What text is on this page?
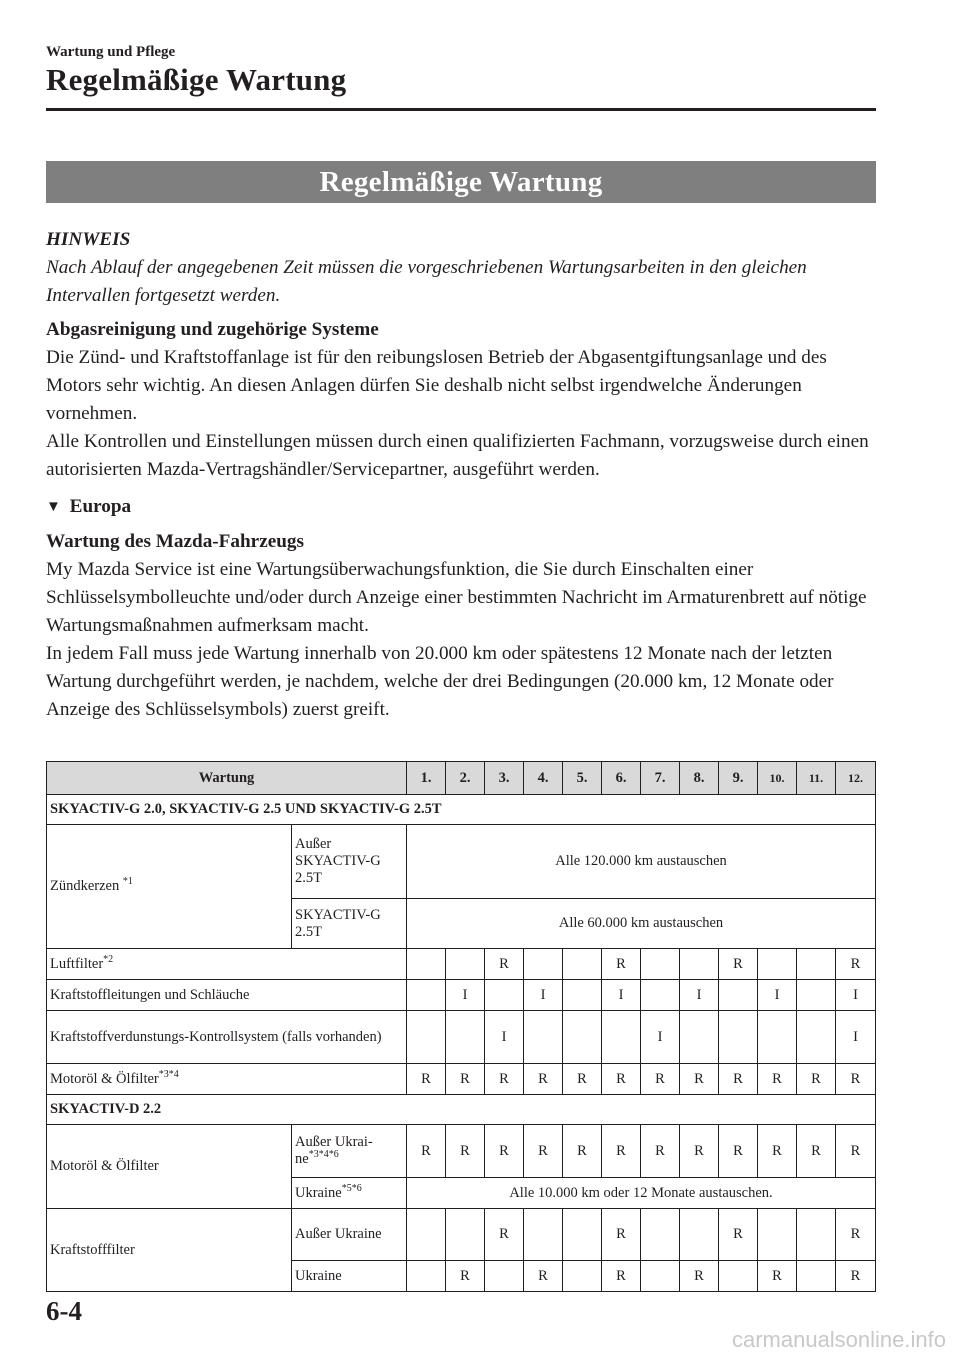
Wartung und Pflege
Regelmäßige Wartung
Regelmäßige Wartung
HINWEIS
Nach Ablauf der angegebenen Zeit müssen die vorgeschriebenen Wartungsarbeiten in den gleichen Intervallen fortgesetzt werden.
Abgasreinigung und zugehörige Systeme
Die Zünd- und Kraftstoffanlage ist für den reibungslosen Betrieb der Abgasentgiftungsanlage und des Motors sehr wichtig. An diesen Anlagen dürfen Sie deshalb nicht selbst irgendwelche Änderungen vornehmen.
Alle Kontrollen und Einstellungen müssen durch einen qualifizierten Fachmann, vorzugsweise durch einen autorisierten Mazda-Vertragshändler/Servicepartner, ausgeführt werden.
▼ Europa
Wartung des Mazda-Fahrzeugs
My Mazda Service ist eine Wartungsüberwachungsfunktion, die Sie durch Einschalten einer Schlüsselsymbolleuchte und/oder durch Anzeige einer bestimmten Nachricht im Armaturenbrett auf nötige Wartungsmaßnahmen aufmerksam macht.
In jedem Fall muss jede Wartung innerhalb von 20.000 km oder spätestens 12 Monate nach der letzten Wartung durchgeführt werden, je nachdem, welche der drei Bedingungen (20.000 km, 12 Monate oder Anzeige des Schlüsselsymbols) zuerst greift.
Wartung		1.	2.	3.	4.	5.	6.	7.	8.	9.	10.	11.	12.
SKYACTIV-G 2.0, SKYACTIV-G 2.5 UND SKYACTIV-G 2.5T													
Zündkerzen $^{*1}$	Außer SKYACTIV-G 2.5T	Alle 120.000 km austauschen											
	SKYACTIV-G 2.5T	Alle 60.000 km austauschen											
Luftfilter$^{*2}$				R			R			R			R
Kraftstoffleitungen und Schläuche			I		I		I		I		I		I
Kraftstoffverdunstungs-Kontrollsystem (falls vorhanden)				I				I					I
Motoröl & Ölfilter$^{*3*4}$		R	R	R	R	R	R	R	R	R	R	R	R
SKYACTIV-D 2.2													
Motoröl & Ölfilter	Außer Ukraine$^{*3*4*6}$	R	R	R	R	R	R	R	R	R	R	R	R
	Ukraine$^{*5*6}$	Alle 10.000 km oder 12 Monate austauschen.											
Kraftstofffilter	Außer Ukraine			R			R			R			R
	Ukraine		R		R		R		R		R		R
6-4
carmanualsonline.info
